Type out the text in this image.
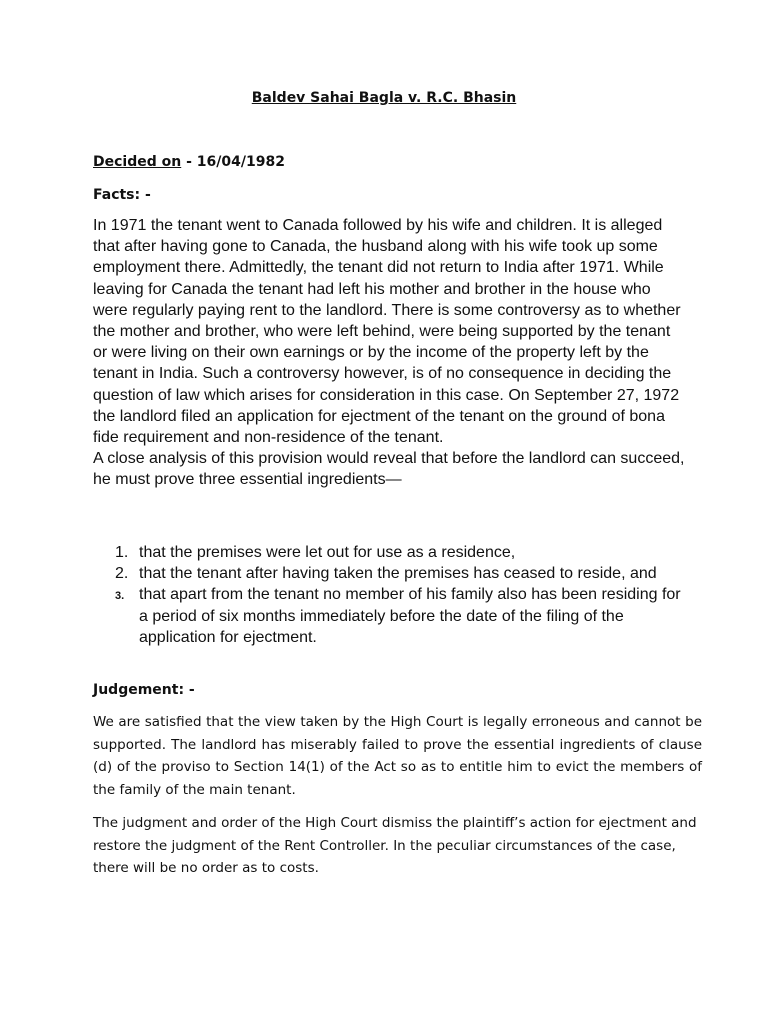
Baldev Sahai Bagla v. R.C. Bhasin
Decided on - 16/04/1982
Facts: -

In 1971 the tenant went to Canada followed by his wife and children. It is alleged that after having gone to Canada, the husband along with his wife took up some employment there. Admittedly, the tenant did not return to India after 1971. While leaving for Canada the tenant had left his mother and brother in the house who were regularly paying rent to the landlord. There is some controversy as to whether the mother and brother, who were left behind, were being supported by the tenant or were living on their own earnings or by the income of the property left by the tenant in India. Such a controversy however, is of no consequence in deciding the question of law which arises for consideration in this case. On September 27, 1972 the landlord filed an application for ejectment of the tenant on the ground of bona fide requirement and non-residence of the tenant.

A close analysis of this provision would reveal that before the landlord can succeed, he must prove three essential ingredients—

1. that the premises were let out for use as a residence,
2. that the tenant after having taken the premises has ceased to reside, and
3. that apart from the tenant no member of his family also has been residing for a period of six months immediately before the date of the filing of the application for ejectment.
Judgement: -

We are satisfied that the view taken by the High Court is legally erroneous and cannot be supported. The landlord has miserably failed to prove the essential ingredients of clause (d) of the proviso to Section 14(1) of the Act so as to entitle him to evict the members of the family of the main tenant.

The judgment and order of the High Court dismiss the plaintiff’s action for ejectment and restore the judgment of the Rent Controller. In the peculiar circumstances of the case, there will be no order as to costs.
